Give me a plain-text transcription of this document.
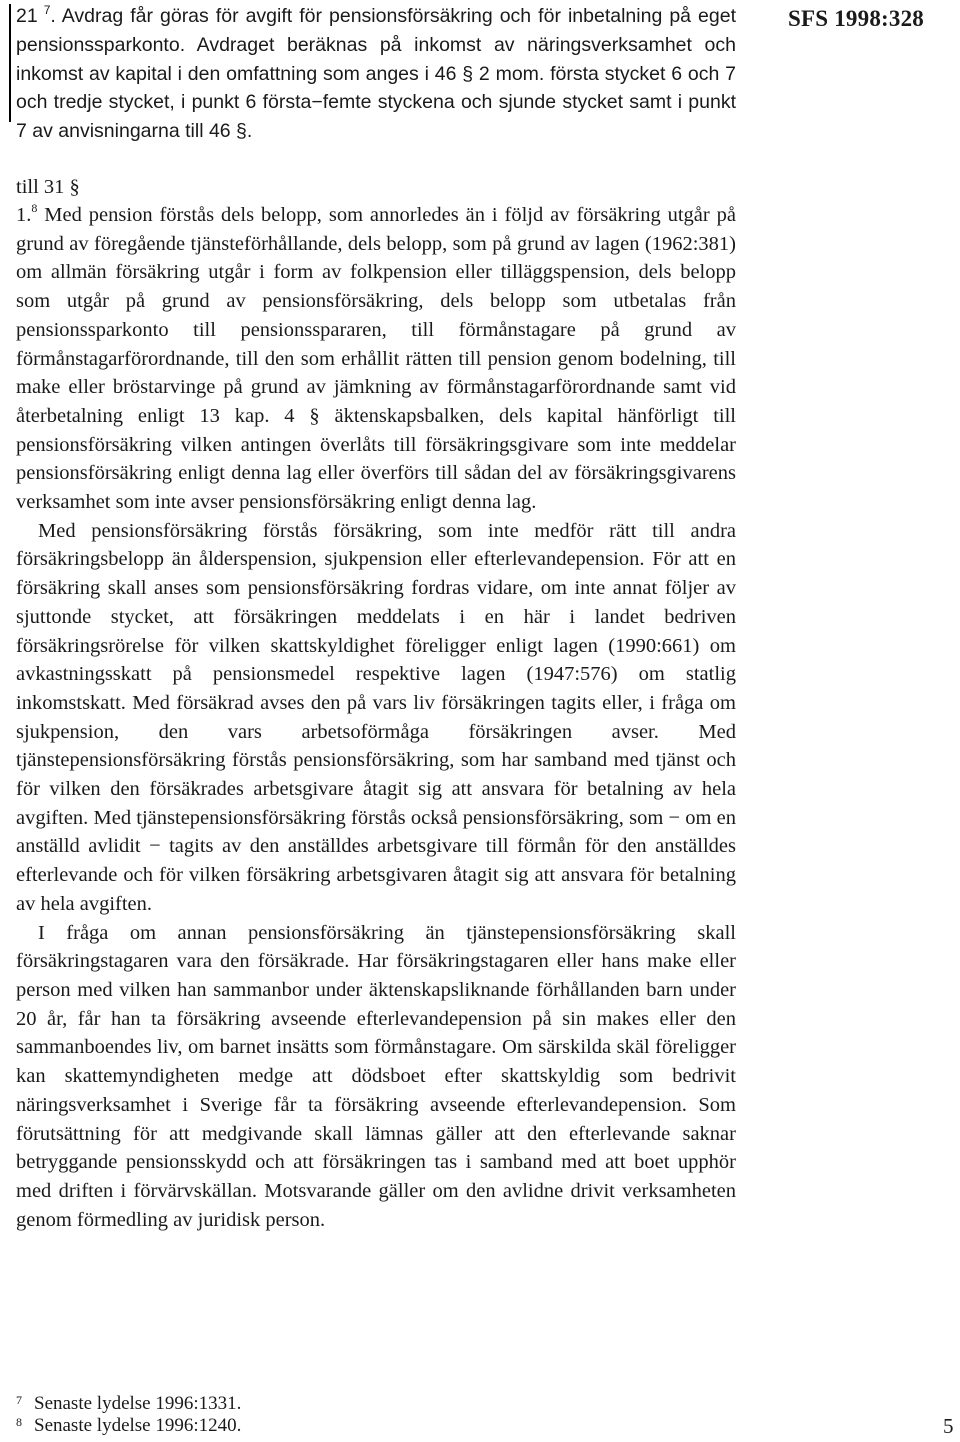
21 $^7$. Avdrag får göras för avgift för pensionsförsäkring och för inbetalning på eget pensionssparkonto. Avdraget beräknas på inkomst av näringsverksamhet och inkomst av kapital i den omfattning som anges i 46 § 2 mom. första stycket 6 och 7 och tredje stycket, i punkt 6 första−femte styckena och sjunde stycket samt i punkt 7 av anvisningarna till 46 §.
SFS 1998:328
till 31 §

1.$^8$ Med pension förstås dels belopp, som annorledes än i följd av försäkring utgår på grund av föregående tjänsteförhållande, dels belopp, som på grund av lagen (1962:381) om allmän försäkring utgår i form av folkpension eller tilläggspension, dels belopp som utgår på grund av pensionsförsäkring, dels belopp som utbetalas från pensionssparkonto till pensionsspararen, till förmånstagare på grund av förmånstagarförordnande, till den som erhållit rätten till pension genom bodelning, till make eller bröstarvinge på grund av jämkning av förmånstagarförordnande samt vid återbetalning enligt 13 kap. 4 § äktenskapsbalken, dels kapital hänförligt till pensionsförsäkring vilken antingen överlåts till försäkringsgivare som inte meddelar pensionsförsäkring enligt denna lag eller överförs till sådan del av försäkringsgivarens verksamhet som inte avser pensionsförsäkring enligt denna lag.

Med pensionsförsäkring förstås försäkring, som inte medför rätt till andra försäkringsbelopp än ålderspension, sjukpension eller efterlevandepension. För att en försäkring skall anses som pensionsförsäkring fordras vidare, om inte annat följer av sjuttonde stycket, att försäkringen meddelats i en här i landet bedriven försäkringsrörelse för vilken skattskyldighet föreligger enligt lagen (1990:661) om avkastningsskatt på pensionsmedel respektive lagen (1947:576) om statlig inkomstskatt. Med försäkrad avses den på vars liv försäkringen tagits eller, i fråga om sjukpension, den vars arbetsoförmåga försäkringen avser. Med tjänstepensionsförsäkring förstås pensionsförsäkring, som har samband med tjänst och för vilken den försäkrades arbetsgivare åtagit sig att ansvara för betalning av hela avgiften. Med tjänstepensionsförsäkring förstås också pensionsförsäkring, som − om en anställd avlidit − tagits av den anställdes arbetsgivare till förmån för den anställdes efterlevande och för vilken försäkring arbetsgivaren åtagit sig att ansvara för betalning av hela avgiften.

I fråga om annan pensionsförsäkring än tjänstepensionsförsäkring skall försäkringstagaren vara den försäkrade. Har försäkringstagaren eller hans make eller person med vilken han sammanbor under äktenskapsliknande förhållanden barn under 20 år, får han ta försäkring avseende efterlevandepension på sin makes eller den sammanboendes liv, om barnet insätts som förmånstagare. Om särskilda skäl föreligger kan skattemyndigheten medge att dödsboet efter skattskyldig som bedrivit näringsverksamhet i Sverige får ta försäkring avseende efterlevandepension. Som förutsättning för att medgivande skall lämnas gäller att den efterlevande saknar betryggande pensionsskydd och att försäkringen tas i samband med att boet upphör med driften i förvärvskällan. Motsvarande gäller om den avlidne drivit verksamheten genom förmedling av juridisk person.

7 Senaste lydelse 1996:1331.
8 Senaste lydelse 1996:1240.	5
